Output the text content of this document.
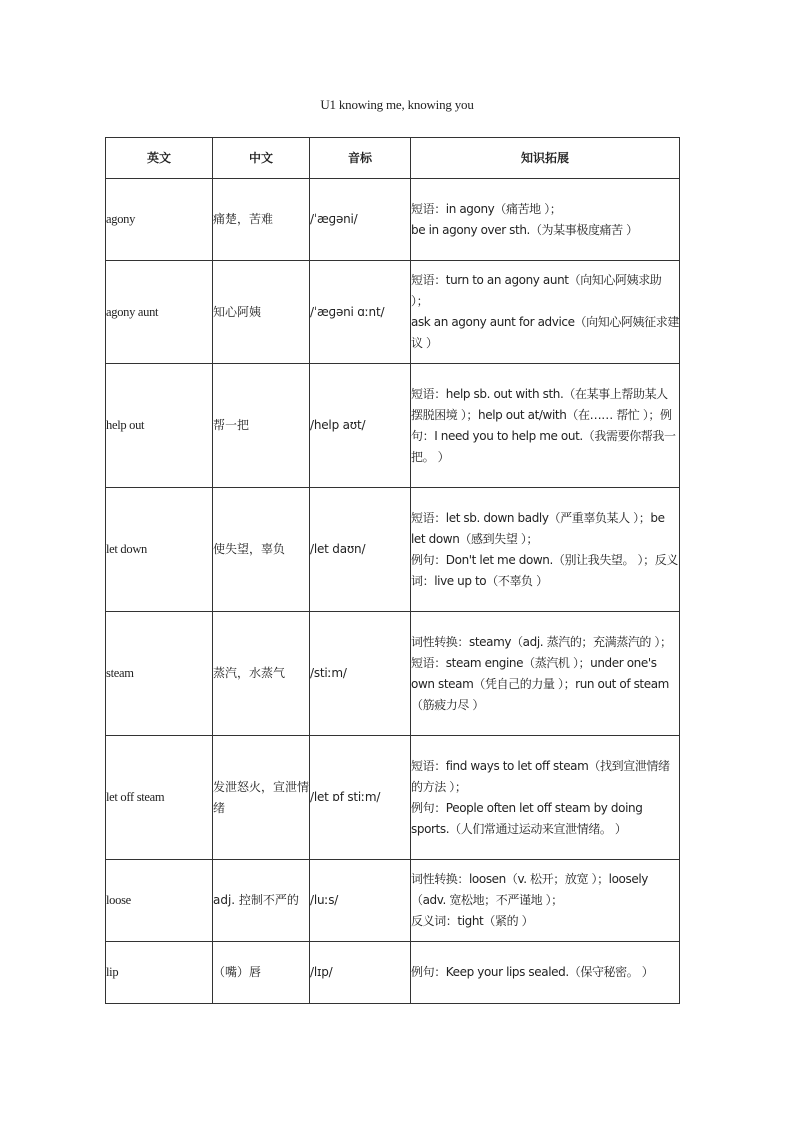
U1 knowing me, knowing you
英文	中文	音标	知识拓展
agony	痛楚，苦难	/ˈæɡəni/	短语：in agony（痛苦地 ）；
be in agony over sth.（为某事极度痛苦 ）

agony aunt	知心阿姨	/ˈæɡəni ɑːnt/	短语：turn to an agony aunt（向知心阿姨求助 ）；
ask an agony aunt for advice（向知心阿姨征求建议 ）

help out	帮一把	/help aʊt/	短语：help sb. out with sth.（在某事上帮助某人摆脱困境 ）；help out at/with（在…… 帮忙 ）；例句：I need you to help me out.（我需要你帮我一把。 ）

let down	使失望，辜负	/let daʊn/	短语：let sb. down badly（严重辜负某人 ）；be let down（感到失望 ）；
例句：Don't let me down.（别让我失望。 ）；反义词：live up to（不辜负 ）

steam	蒸汽，水蒸气	/stiːm/	词性转换：steamy（adj. 蒸汽的；充满蒸汽的 ）；
短语：steam engine（蒸汽机 ）；under one's own steam（凭自己的力量 ）；run out of steam（筋疲力尽 ）

let off steam	发泄怒火，宣泄情绪	/let ɒf stiːm/	短语：find ways to let off steam（找到宣泄情绪的方法 ）；
例句：People often let off steam by doing sports.（人们常通过运动来宣泄情绪。 ）

loose	adj. 控制不严的	/luːs/	词性转换：loosen（v. 松开；放宽 ）；loosely（adv. 宽松地；不严谨地 ）；
反义词：tight（紧的 ）

lip	（嘴）唇	/lɪp/	例句：Keep your lips sealed.（保守秘密。 ）
